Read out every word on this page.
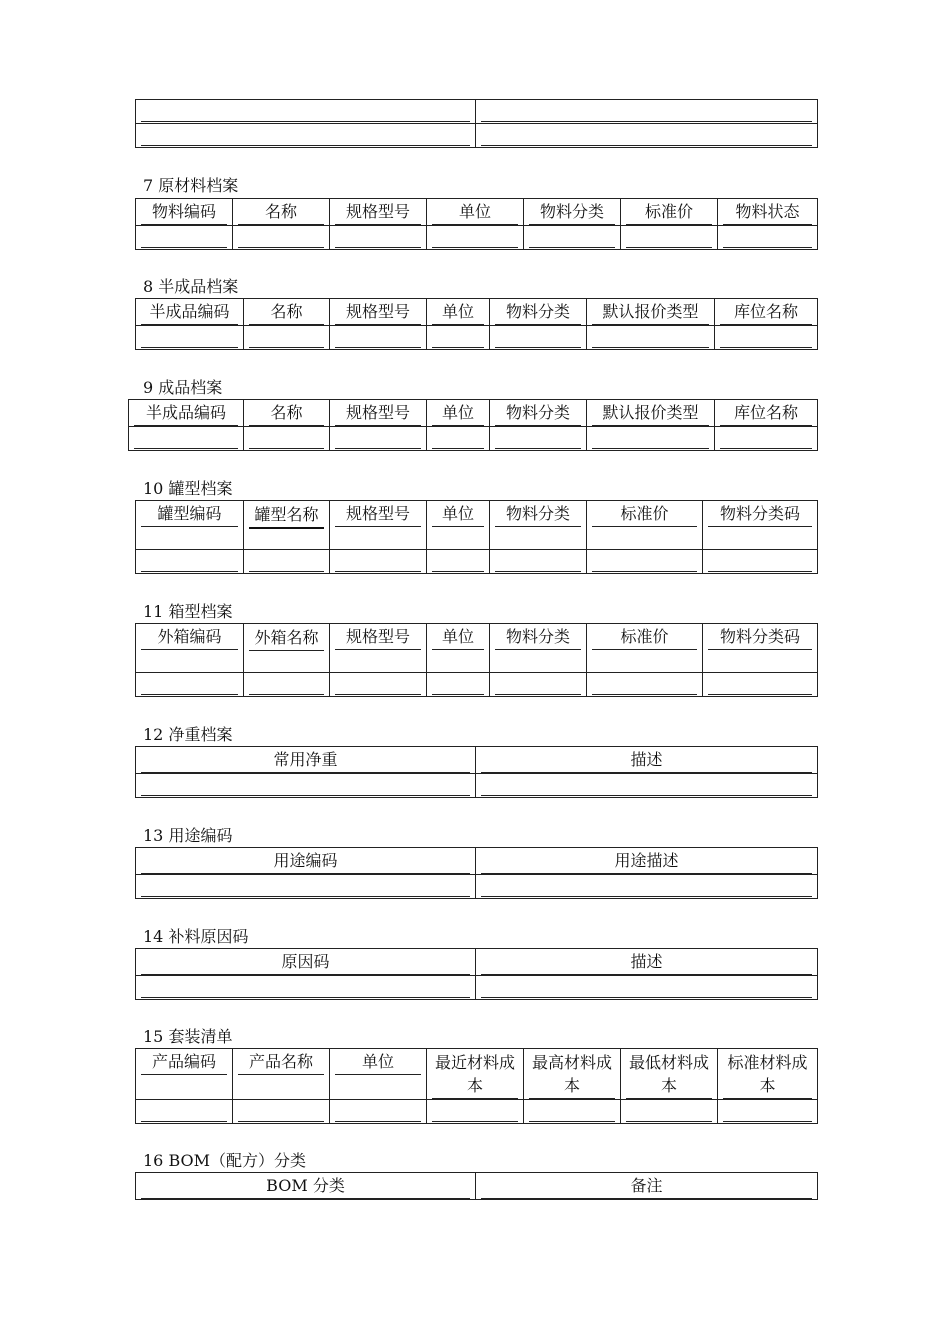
7 原材料档案
物料编码	名称	规格型号	单位	物料分类	标准价	物料状态

8 半成品档案
半成品编码	名称	规格型号	单位	物料分类	默认报价类型	库位名称

9 成品档案
半成品编码	名称	规格型号	单位	物料分类	默认报价类型	库位名称

10 罐型档案
罐型编码	罐型名称	规格型号	单位	物料分类	标准价	物料分类码

11 箱型档案
外箱编码	外箱名称	规格型号	单位	物料分类	标准价	物料分类码

12 净重档案
常用净重	描述

13 用途编码
用途编码	用途描述

14 补料原因码
原因码	描述

15 套装清单
产品编码	产品名称	单位	最近材料成本	最高材料成本	最低材料成本	标准材料成本

16 BOM（配方）分类
BOM 分类	备注
